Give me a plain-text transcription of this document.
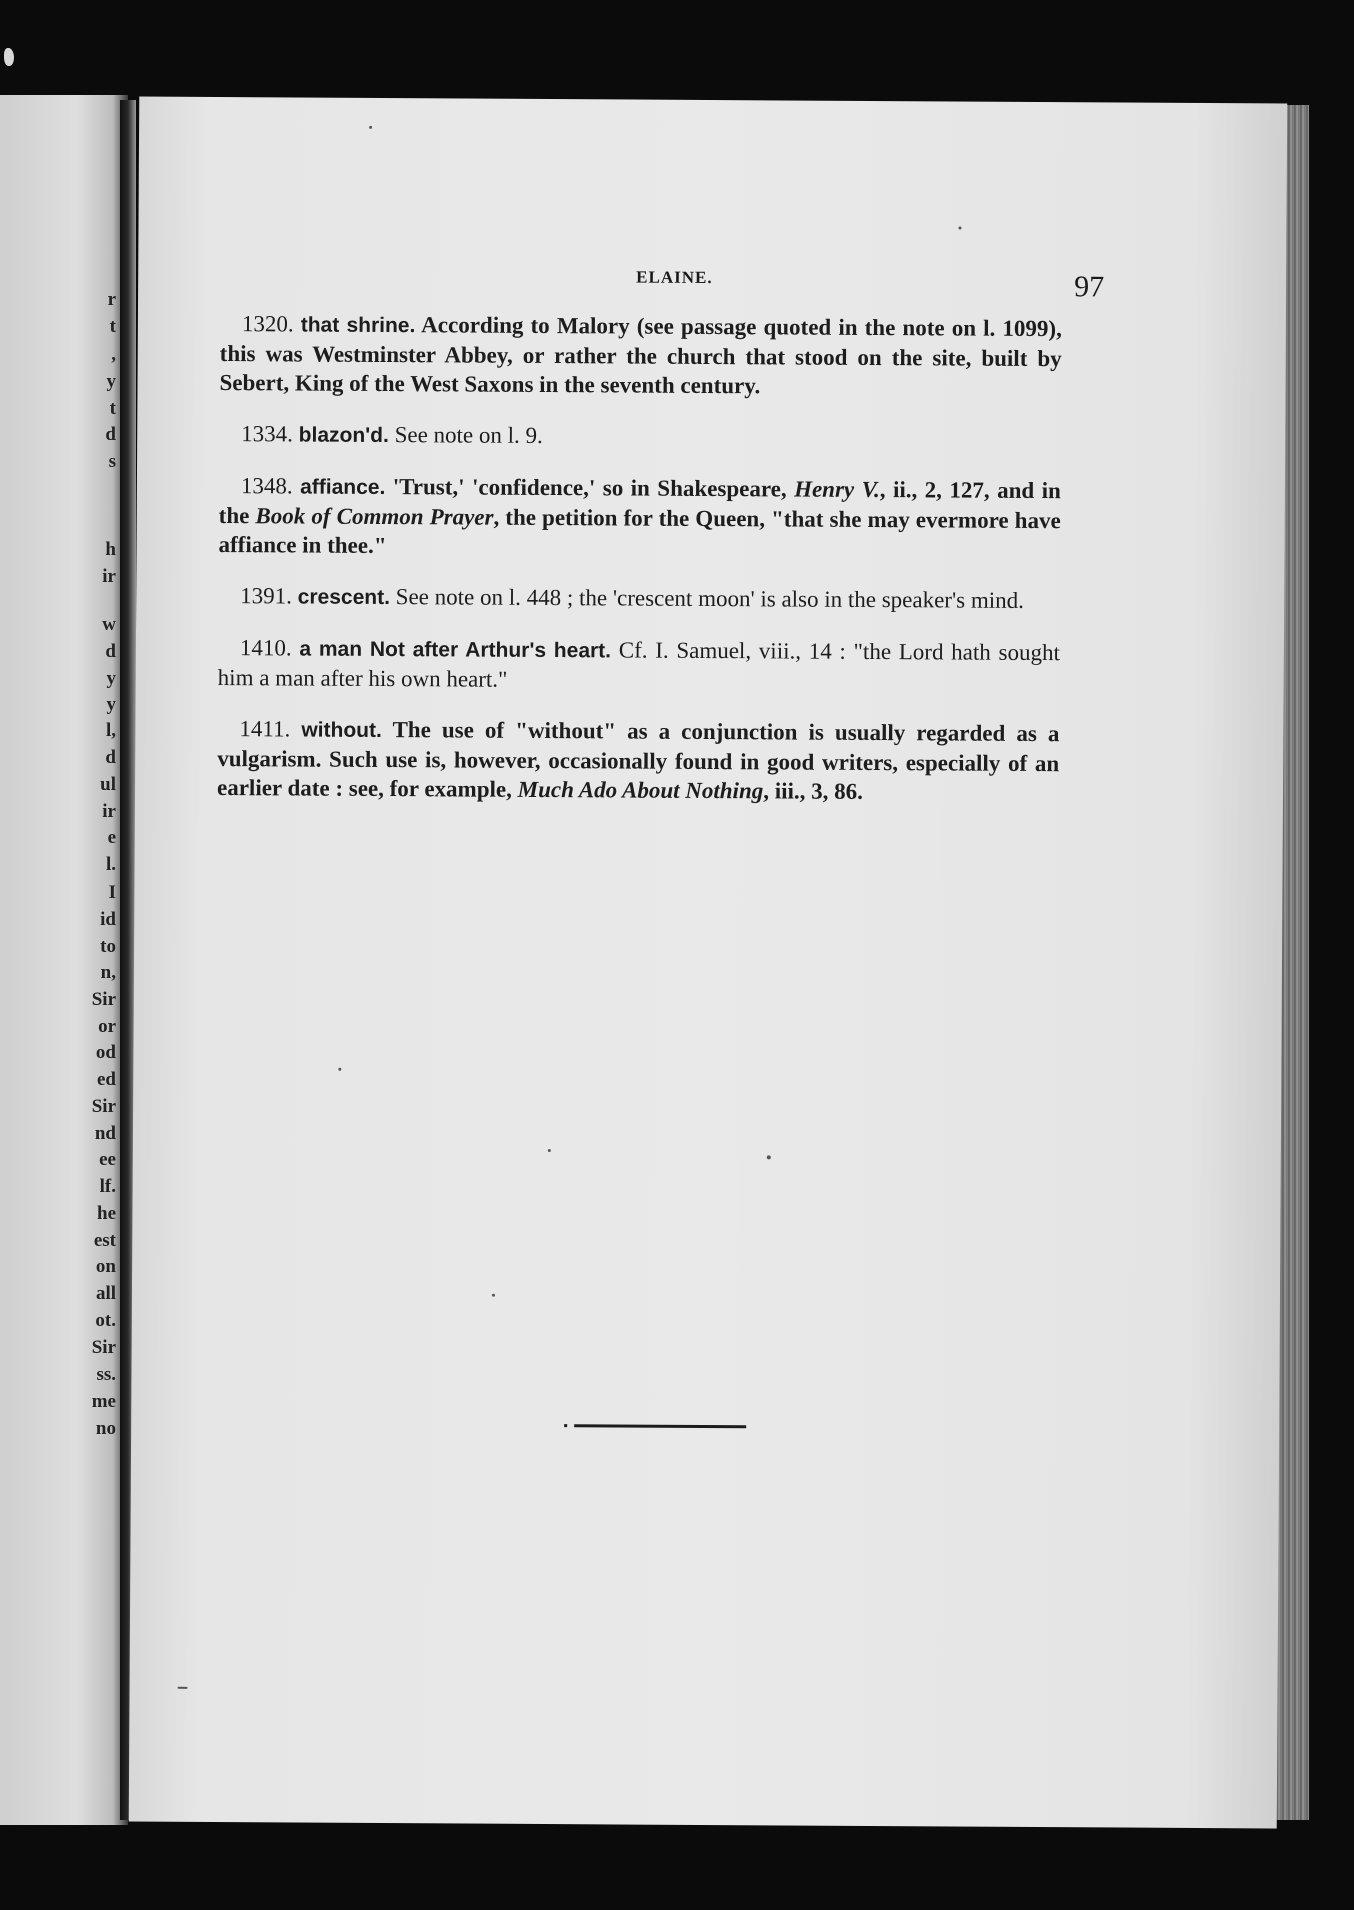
r
t
,
y
t
d
s
h
ir
w
d
y
y
l,
d
ul
ir
e
l.
I
id
to
n,
Sir
or
od
ed
Sir
nd
ee
lf.
he
est
on
all
ot.
Sir
ss.
me
no
ELAINE.	97

1320. that shrine. According to Malory (see passage quoted in the note on l. 1099), this was Westminster Abbey, or rather the church that stood on the site, built by Sebert, King of the West Saxons in the seventh century.

1334. blazon'd. See note on l. 9.

1348. affiance. 'Trust,' 'confidence,' so in Shakespeare, Henry V., ii., 2, 127, and in the Book of Common Prayer, the petition for the Queen, "that she may evermore have affiance in thee."

1391. crescent. See note on l. 448 ; the 'crescent moon' is also in the speaker's mind.

1410. a man Not after Arthur's heart. Cf. I. Samuel, viii., 14 : "the Lord hath sought him a man after his own heart."

1411. without. The use of "without" as a conjunction is usually regarded as a vulgarism. Such use is, however, occasionally found in good writers, especially of an earlier date : see, for example, Much Ado About Nothing, iii., 3, 86.
